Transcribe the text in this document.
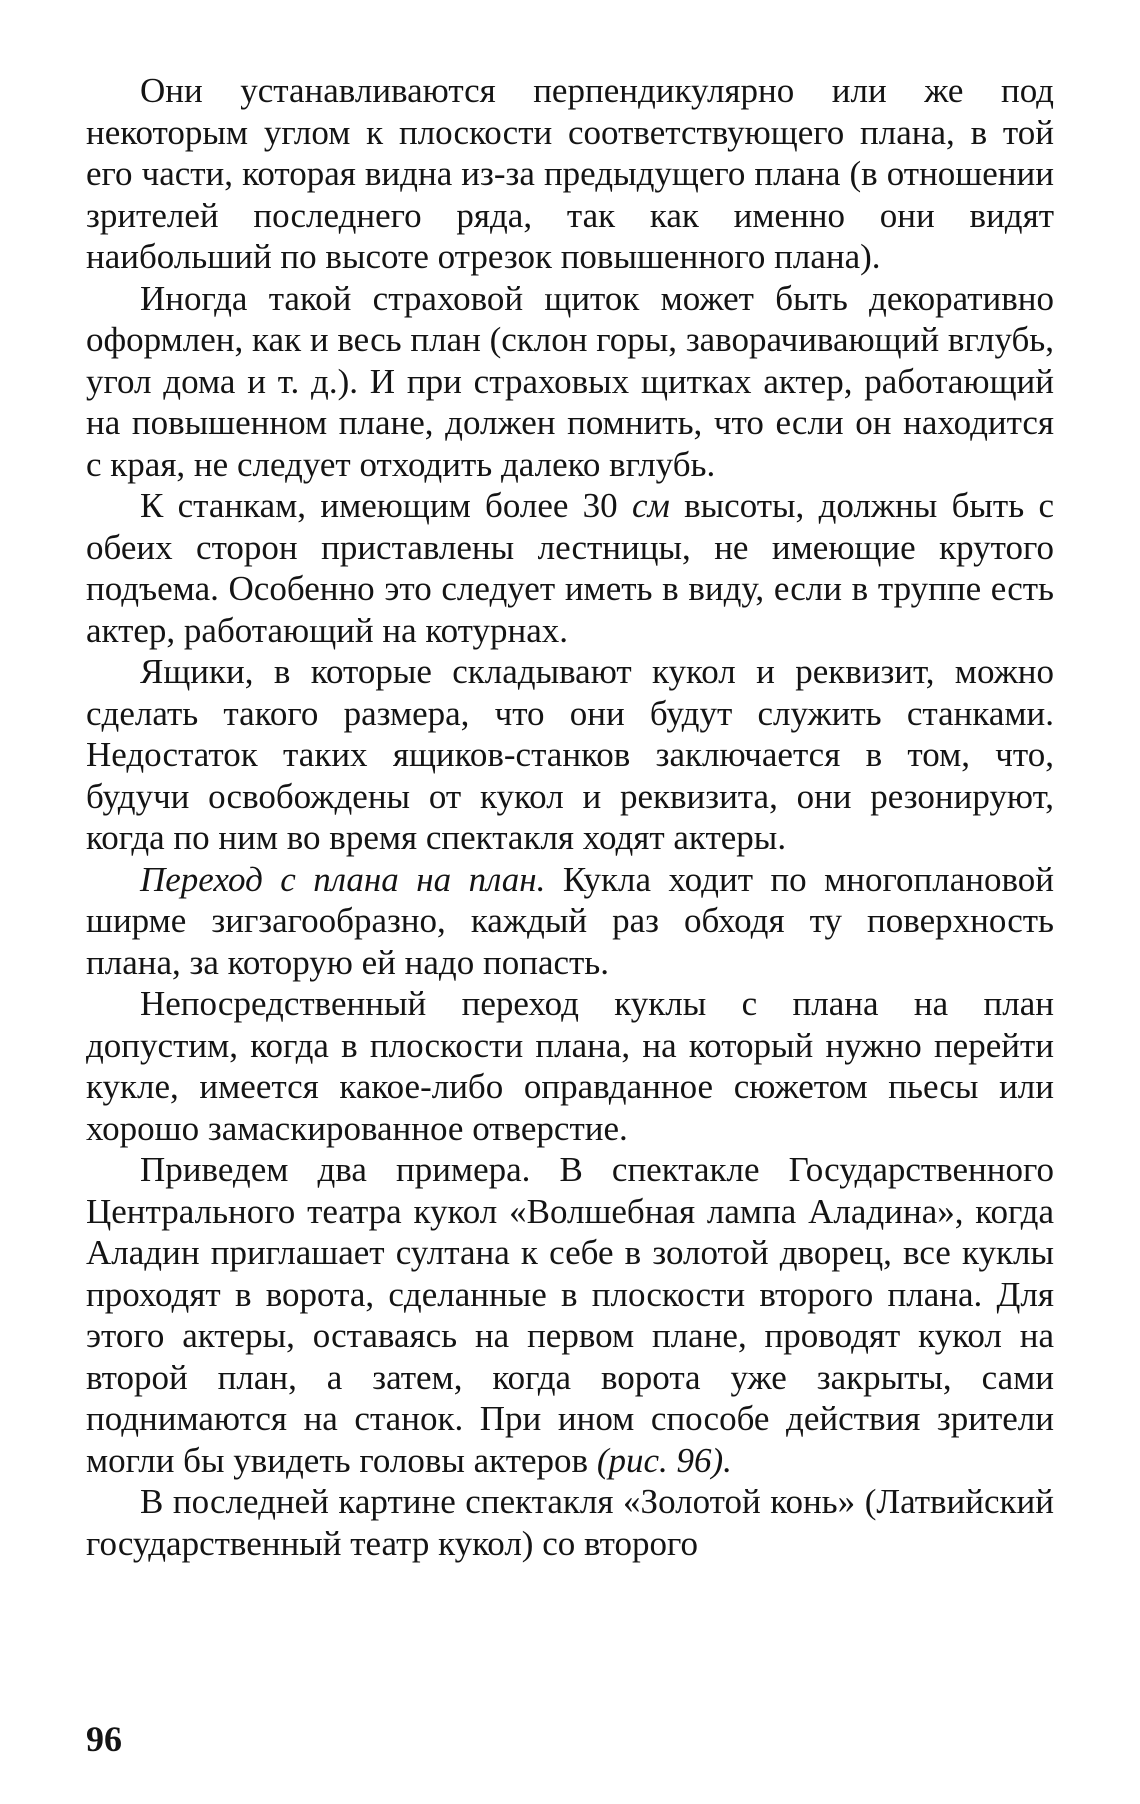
Они устанавливаются перпендикулярно или же под некоторым углом к плоскости соответствующего плана, в той его части, которая видна из-за предыдущего плана (в отношении зрителей последнего ряда, так как именно они видят наибольший по высоте отрезок повышенного плана).

Иногда такой страховой щиток может быть декоративно оформлен, как и весь план (склон горы, заворачивающий вглубь, угол дома и т. д.). И при страховых щитках актер, работающий на повышенном плане, должен помнить, что если он находится с края, не следует отходить далеко вглубь.

К станкам, имеющим более 30 см высоты, должны быть с обеих сторон приставлены лестницы, не имеющие крутого подъема. Особенно это следует иметь в виду, если в труппе есть актер, работающий на котурнах.

Ящики, в которые складывают кукол и реквизит, можно сделать такого размера, что они будут служить станками. Недостаток таких ящиков-станков заключается в том, что, будучи освобождены от кукол и реквизита, они резонируют, когда по ним во время спектакля ходят актеры.

Переход с плана на план. Кукла ходит по многоплановой ширме зигзагообразно, каждый раз обходя ту поверхность плана, за которую ей надо попасть.

Непосредственный переход куклы с плана на план допустим, когда в плоскости плана, на который нужно перейти кукле, имеется какое-либо оправданное сюжетом пьесы или хорошо замаскированное отверстие.

Приведем два примера. В спектакле Государственного Центрального театра кукол «Волшебная лампа Аладина», когда Аладин приглашает султана к себе в золотой дворец, все куклы проходят в ворота, сделанные в плоскости второго плана. Для этого актеры, оставаясь на первом плане, проводят кукол на второй план, а затем, когда ворота уже закрыты, сами поднимаются на станок. При ином способе действия зрители могли бы увидеть головы актеров (рис. 96).

В последней картине спектакля «Золотой конь» (Латвийский государственный театр кукол) со второго

96
